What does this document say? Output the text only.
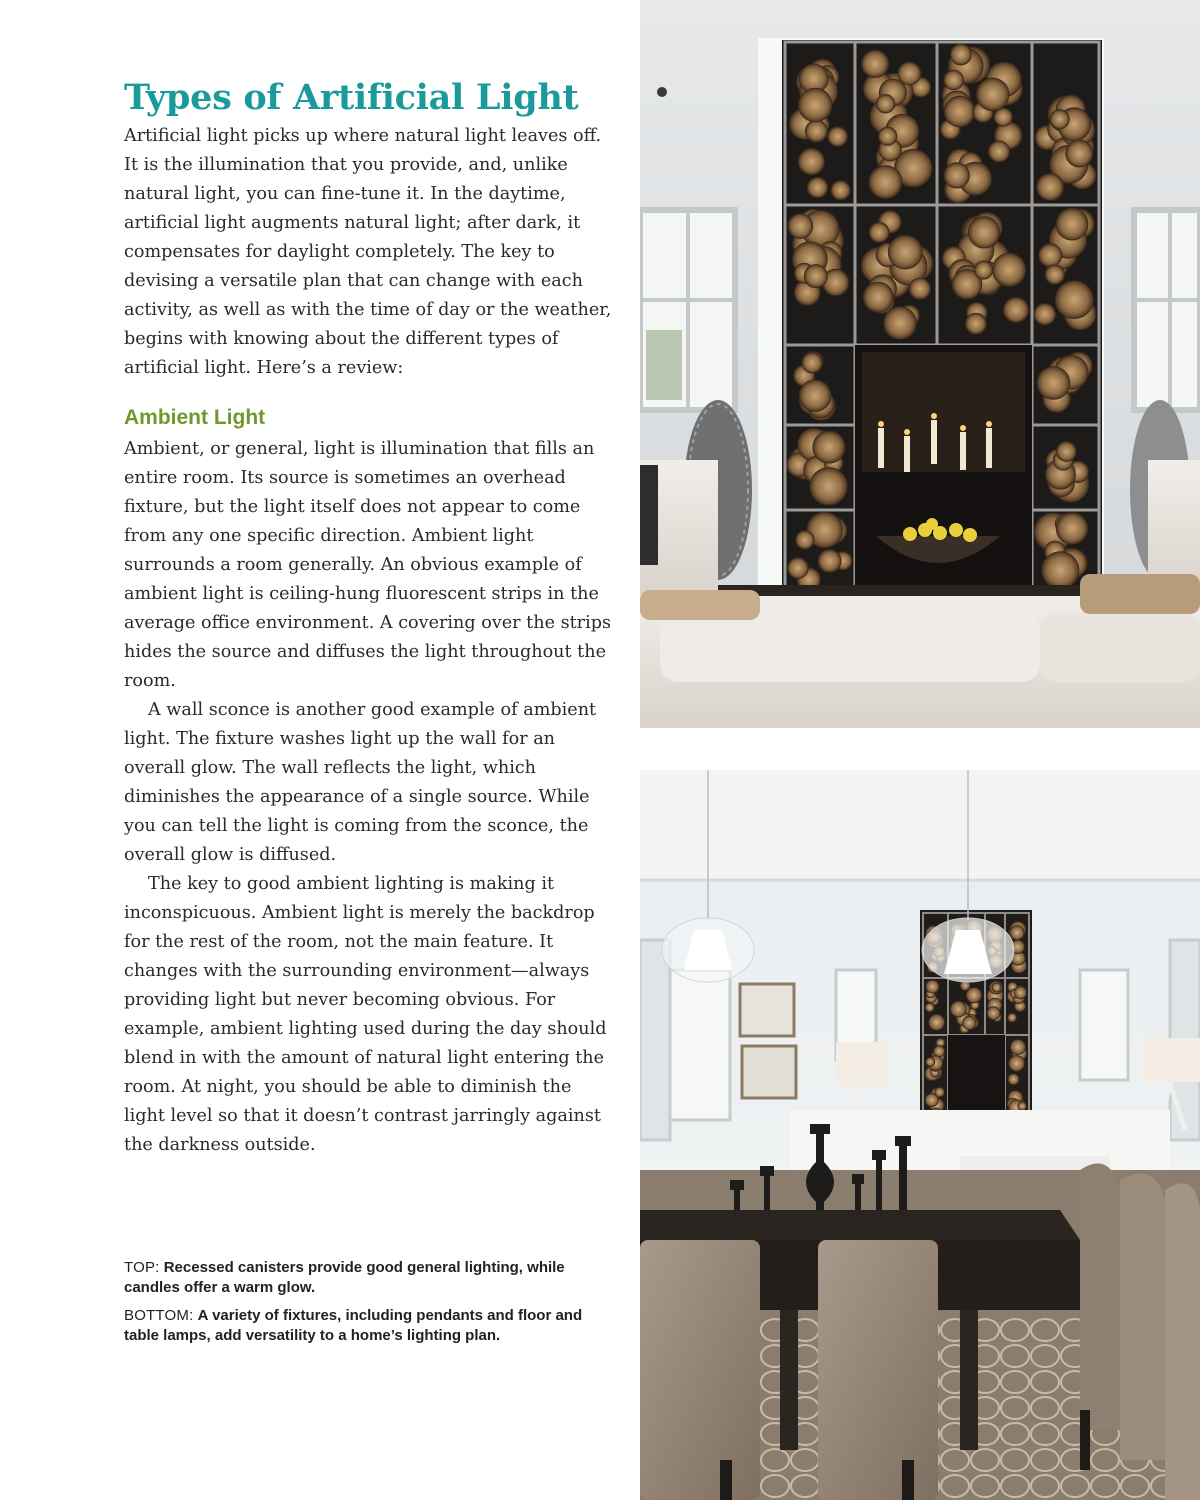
Types of Artificial Light

Artificial light picks up where natural light leaves off. It is the illumination that you provide, and, unlike natural light, you can fine-tune it. In the daytime, artificial light augments natural light; after dark, it compensates for daylight completely. The key to devising a versatile plan that can change with each activity, as well as with the time of day or the weather, begins with knowing about the different types of artificial light. Here’s a review:

Ambient Light

Ambient, or general, light is illumination that fills an entire room. Its source is sometimes an overhead fixture, but the light itself does not appear to come from any one specific direction. Ambient light surrounds a room generally. An obvious example of ambient light is ceiling-hung fluorescent strips in the average office environment. A covering over the strips hides the source and diffuses the light throughout the room.

A wall sconce is another good example of ambient light. The fixture washes light up the wall for an overall glow. The wall reflects the light, which diminishes the appearance of a single source. While you can tell the light is coming from the sconce, the overall glow is diffused.

The key to good ambient lighting is making it inconspicuous. Ambient light is merely the backdrop for the rest of the room, not the main feature. It changes with the surrounding environment—always providing light but never becoming obvious. For example, ambient lighting used during the day should blend in with the amount of natural light entering the room. At night, you should be able to diminish the light level so that it doesn’t contrast jarringly against the darkness outside.

TOP: Recessed canisters provide good general lighting, while candles offer a warm glow.

BOTTOM: A variety of fixtures, including pendants and floor and table lamps, add versatility to a home’s lighting plan.
